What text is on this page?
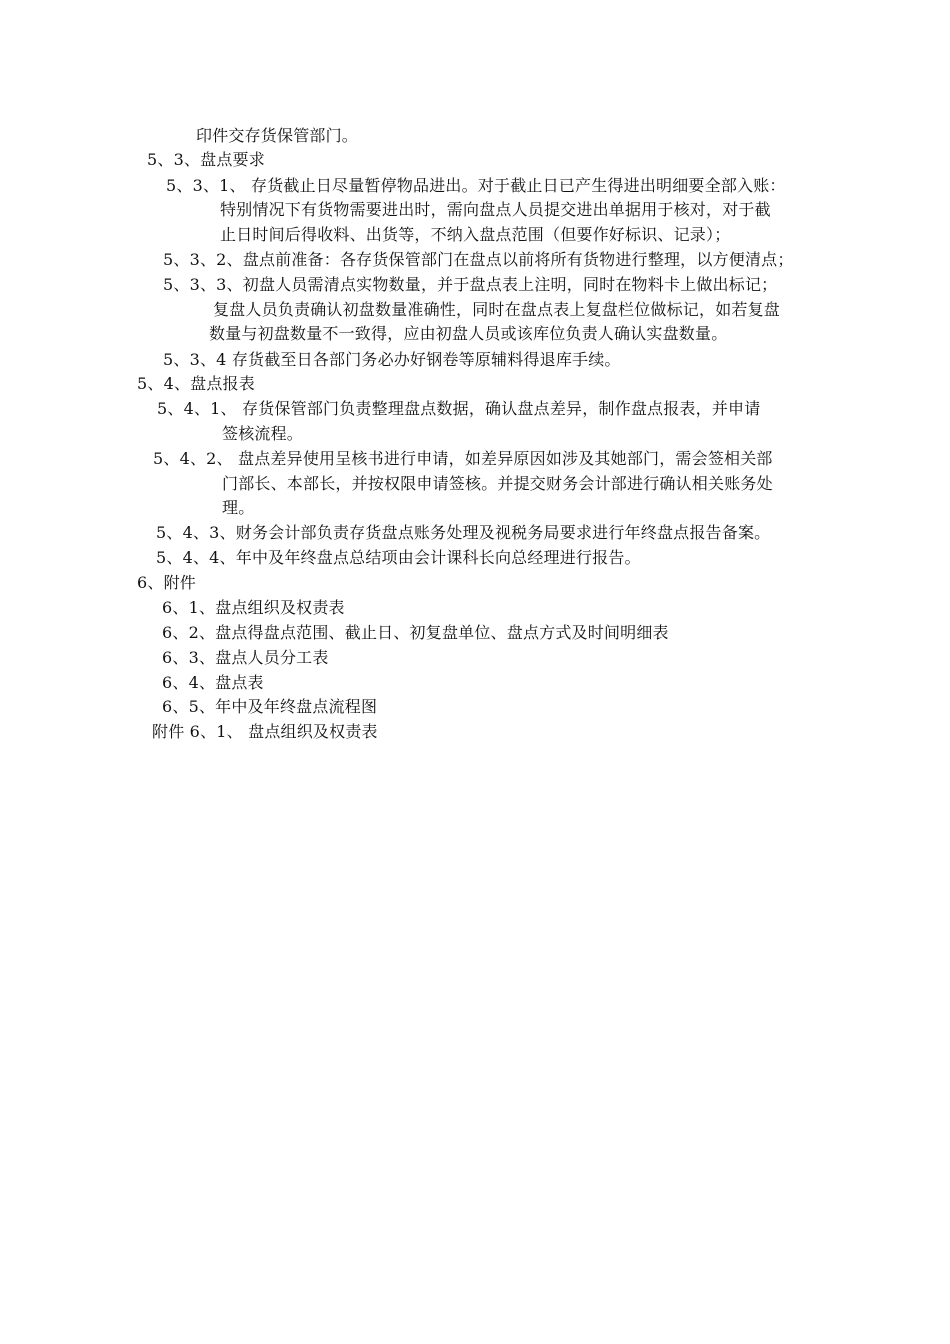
印件交存货保管部门。
5、3、盘点要求
5、3、1、 存货截止日尽量暂停物品进出。对于截止日已产生得进出明细要全部入账：
特别情况下有货物需要进出时，需向盘点人员提交进出单据用于核对，对于截
止日时间后得收料、出货等，不纳入盘点范围（但要作好标识、记录）；
5、3、2、盘点前准备：各存货保管部门在盘点以前将所有货物进行整理，以方便清点；
5、3、3、初盘人员需清点实物数量，并于盘点表上注明，同时在物料卡上做出标记；
复盘人员负责确认初盘数量准确性，同时在盘点表上复盘栏位做标记，如若复盘
数量与初盘数量不一致得，应由初盘人员或该库位负责人确认实盘数量。
5、3、4 存货截至日各部门务必办好钢卷等原辅料得退库手续。
5、4、盘点报表
5、4、1、 存货保管部门负责整理盘点数据，确认盘点差异，制作盘点报表，并申请
签核流程。
5、4、2、 盘点差异使用呈核书进行申请，如差异原因如涉及其她部门，需会签相关部
门部长、本部长，并按权限申请签核。并提交财务会计部进行确认相关账务处
理。
5、4、3、财务会计部负责存货盘点账务处理及视税务局要求进行年终盘点报告备案。
5、4、4、年中及年终盘点总结项由会计课科长向总经理进行报告。
6、附件
6、1、盘点组织及权责表
6、2、盘点得盘点范围、截止日、初复盘单位、盘点方式及时间明细表
6、3、盘点人员分工表
6、4、盘点表
6、5、年中及年终盘点流程图
附件 6、1、 盘点组织及权责表
